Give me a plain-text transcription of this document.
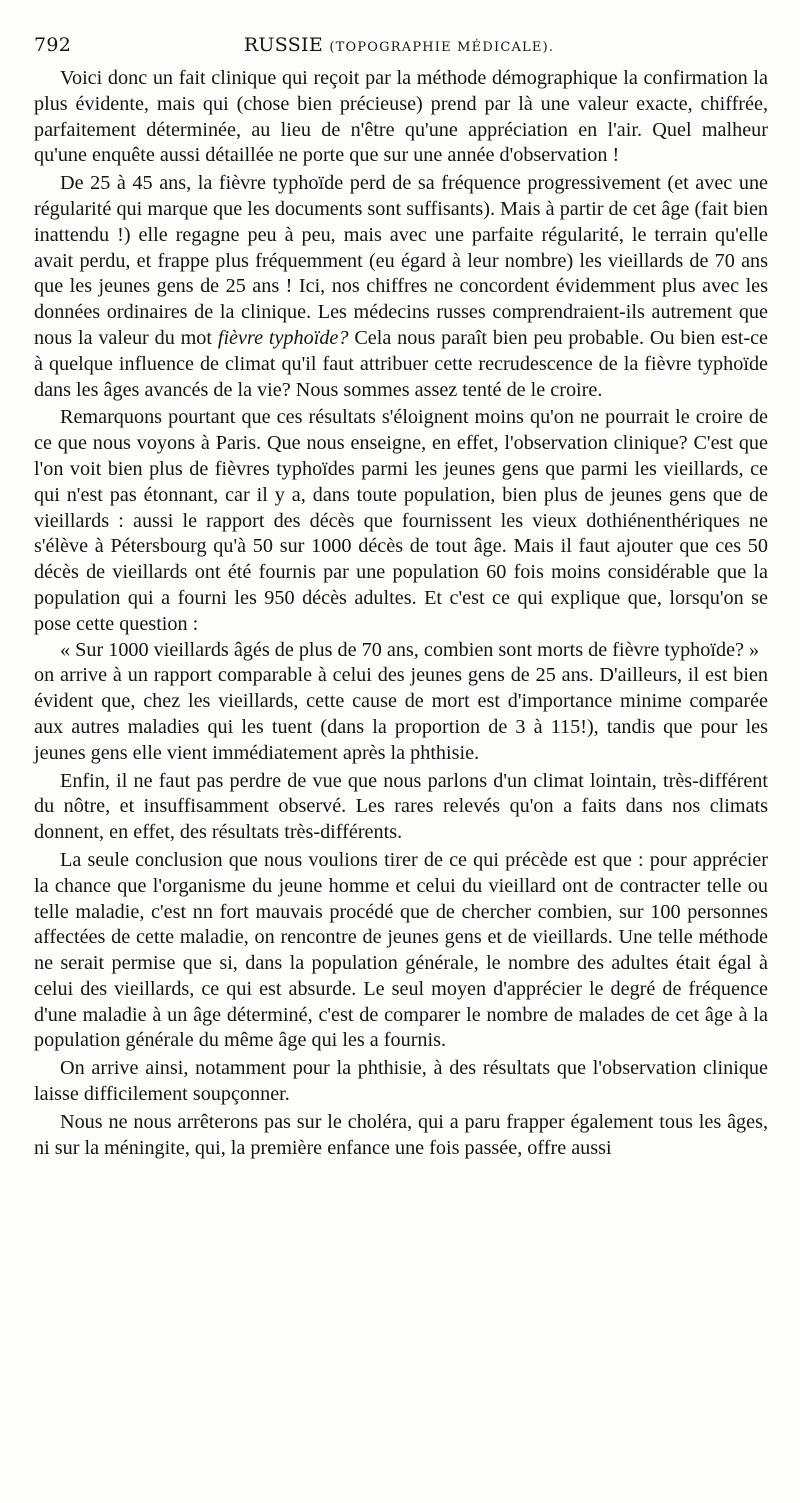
792	RUSSIE (TOPOGRAPHIE MÉDICALE).

Voici donc un fait clinique qui reçoit par la méthode démographique la confirmation la plus évidente, mais qui (chose bien précieuse) prend par là une valeur exacte, chiffrée, parfaitement déterminée, au lieu de n'être qu'une appréciation en l'air. Quel malheur qu'une enquête aussi détaillée ne porte que sur une année d'observation !

De 25 à 45 ans, la fièvre typhoïde perd de sa fréquence progressivement (et avec une régularité qui marque que les documents sont suffisants). Mais à partir de cet âge (fait bien inattendu !) elle regagne peu à peu, mais avec une parfaite régularité, le terrain qu'elle avait perdu, et frappe plus fréquemment (eu égard à leur nombre) les vieillards de 70 ans que les jeunes gens de 25 ans ! Ici, nos chiffres ne concordent évidemment plus avec les données ordinaires de la clinique. Les médecins russes comprendraient-ils autrement que nous la valeur du mot fièvre typhoïde? Cela nous paraît bien peu probable. Ou bien est-ce à quelque influence de climat qu'il faut attribuer cette recrudescence de la fièvre typhoïde dans les âges avancés de la vie? Nous sommes assez tenté de le croire.

Remarquons pourtant que ces résultats s'éloignent moins qu'on ne pourrait le croire de ce que nous voyons à Paris. Que nous enseigne, en effet, l'observation clinique? C'est que l'on voit bien plus de fièvres typhoïdes parmi les jeunes gens que parmi les vieillards, ce qui n'est pas étonnant, car il y a, dans toute population, bien plus de jeunes gens que de vieillards : aussi le rapport des décès que fournissent les vieux dothiénenthériques ne s'élève à Pétersbourg qu'à 50 sur 1000 décès de tout âge. Mais il faut ajouter que ces 50 décès de vieillards ont été fournis par une population 60 fois moins considérable que la population qui a fourni les 950 décès adultes. Et c'est ce qui explique que, lorsqu'on se pose cette question :

« Sur 1000 vieillards âgés de plus de 70 ans, combien sont morts de fièvre typhoïde? »

on arrive à un rapport comparable à celui des jeunes gens de 25 ans. D'ailleurs, il est bien évident que, chez les vieillards, cette cause de mort est d'importance minime comparée aux autres maladies qui les tuent (dans la proportion de 3 à 115!), tandis que pour les jeunes gens elle vient immédiatement après la phthisie.

Enfin, il ne faut pas perdre de vue que nous parlons d'un climat lointain, très-différent du nôtre, et insuffisamment observé. Les rares relevés qu'on a faits dans nos climats donnent, en effet, des résultats très-différents.

La seule conclusion que nous voulions tirer de ce qui précède est que : pour apprécier la chance que l'organisme du jeune homme et celui du vieillard ont de contracter telle ou telle maladie, c'est nn fort mauvais procédé que de chercher combien, sur 100 personnes affectées de cette maladie, on rencontre de jeunes gens et de vieillards. Une telle méthode ne serait permise que si, dans la population générale, le nombre des adultes était égal à celui des vieillards, ce qui est absurde. Le seul moyen d'apprécier le degré de fréquence d'une maladie à un âge déterminé, c'est de comparer le nombre de malades de cet âge à la population générale du même âge qui les a fournis.

On arrive ainsi, notamment pour la phthisie, à des résultats que l'observation clinique laisse difficilement soupçonner.

Nous ne nous arrêterons pas sur le choléra, qui a paru frapper également tous les âges, ni sur la méningite, qui, la première enfance une fois passée, offre aussi
